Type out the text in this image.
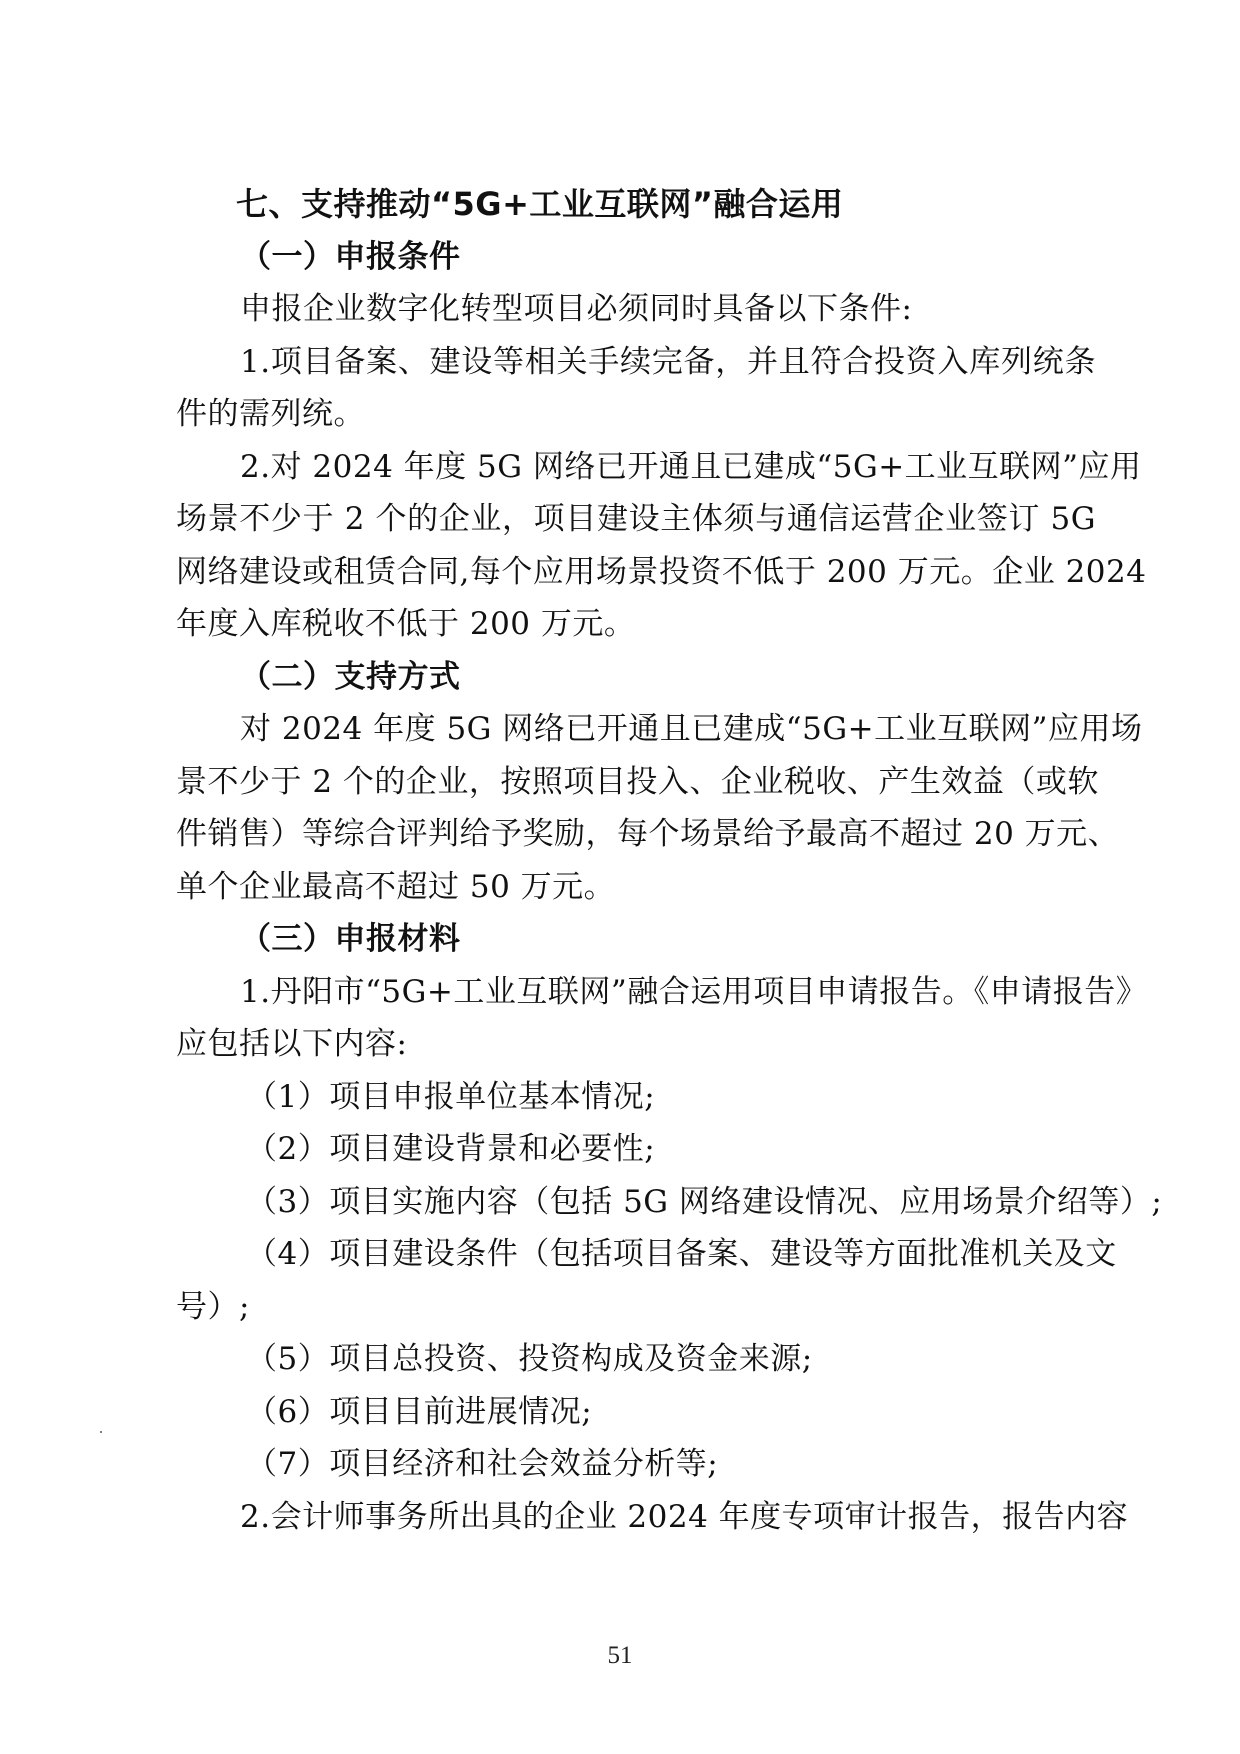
七、支持推动“5G+工业互联网”融合运用
（一）申报条件
申报企业数字化转型项目必须同时具备以下条件:
1.项目备案、建设等相关手续完备，并且符合投资入库列统条
件的需列统。
2.对 2024 年度 5G 网络已开通且已建成“5G+工业互联网”应用
场景不少于 2 个的企业，项目建设主体须与通信运营企业签订 5G
网络建设或租赁合同,每个应用场景投资不低于 200 万元。企业 2024
年度入库税收不低于 200 万元。
（二）支持方式
对 2024 年度 5G 网络已开通且已建成“5G+工业互联网”应用场
景不少于 2 个的企业，按照项目投入、企业税收、产生效益（或软
件销售）等综合评判给予奖励，每个场景给予最高不超过 20 万元、
单个企业最高不超过 50 万元。
（三）申报材料
1.丹阳市“5G+工业互联网”融合运用项目申请报告。《申请报告》
应包括以下内容:
（1）项目申报单位基本情况;
（2）项目建设背景和必要性;
（3）项目实施内容（包括 5G 网络建设情况、应用场景介绍等）;
（4）项目建设条件（包括项目备案、建设等方面批准机关及文
号）;
（5）项目总投资、投资构成及资金来源;
（6）项目目前进展情况;
（7）项目经济和社会效益分析等;
2.会计师事务所出具的企业 2024 年度专项审计报告，报告内容
51
